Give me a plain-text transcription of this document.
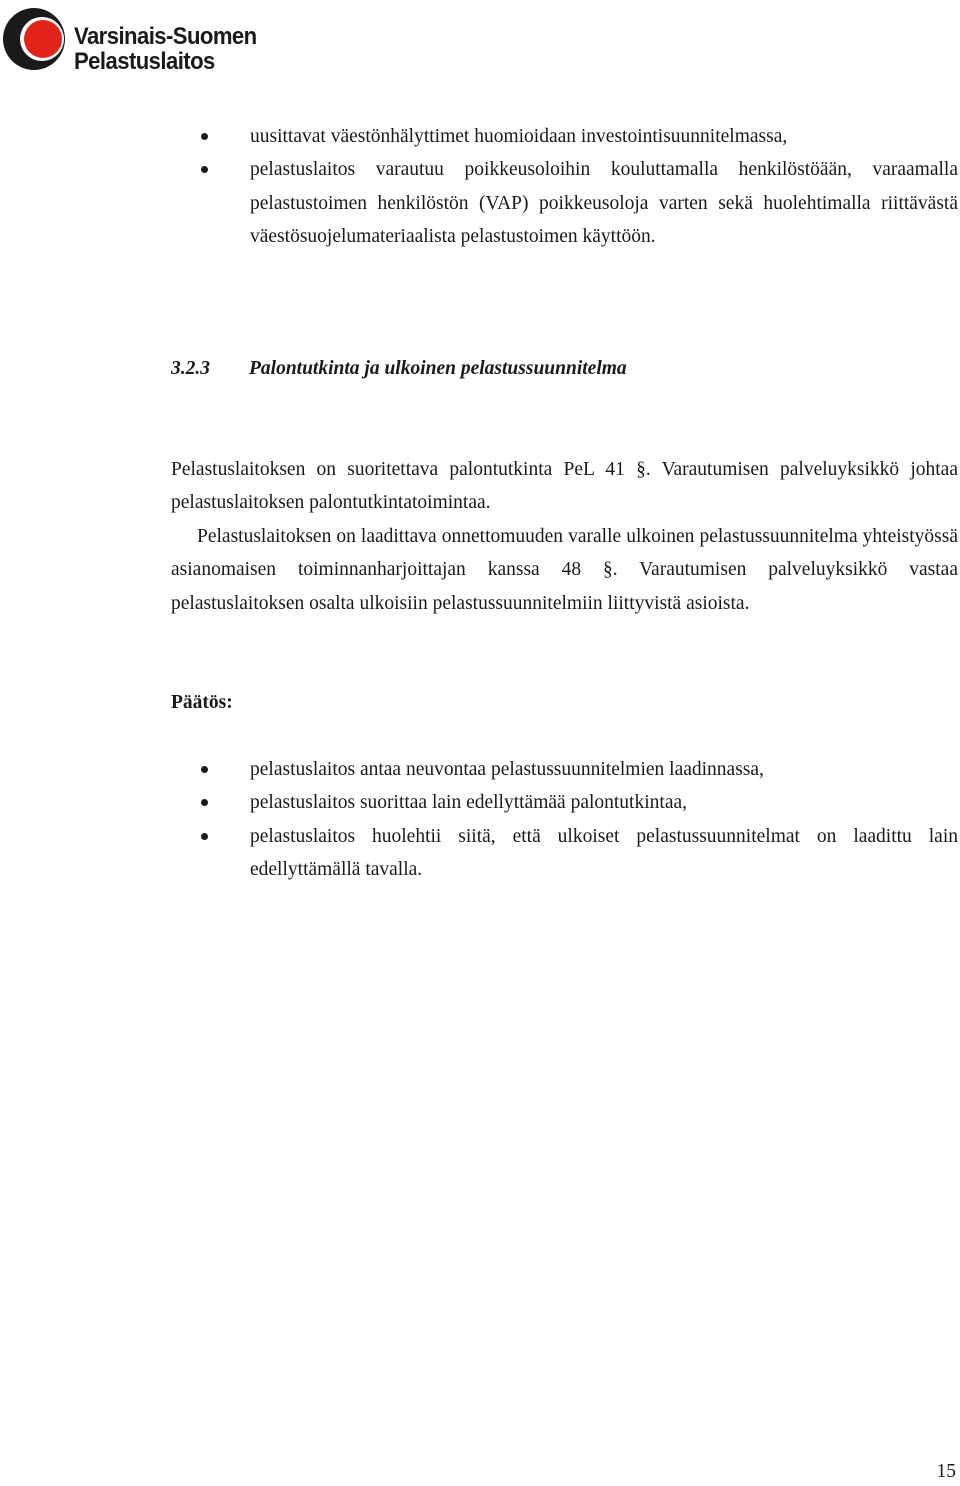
Varsinais-Suomen
Pelastuslaitos
uusittavat väestönhälyttimet huomioidaan investointisuunnitelmassa,
pelastuslaitos varautuu poikkeusoloihin kouluttamalla henkilöstöään, varaamalla pelastustoimen henkilöstön (VAP) poikkeusoloja varten sekä huolehtimalla riittävästä väestösuojelumateriaalista pelastustoimen käyttöön.
3.2.3 Palontutkinta ja ulkoinen pelastussuunnitelma

Pelastuslaitoksen on suoritettava palontutkinta PeL 41 §. Varautumisen palveluyksikkö johtaa pelastuslaitoksen palontutkintatoimintaa.

Pelastuslaitoksen on laadittava onnettomuuden varalle ulkoinen pelastussuunnitelma yhteistyössä asianomaisen toiminnanharjoittajan kanssa 48 §. Varautumisen palveluyksikkö vastaa pelastuslaitoksen osalta ulkoisiin pelastussuunnitelmiin liittyvistä asioista.

Päätös:
pelastuslaitos antaa neuvontaa pelastussuunnitelmien laadinnassa,
pelastuslaitos suorittaa lain edellyttämää palontutkintaa,
pelastuslaitos huolehtii siitä, että ulkoiset pelastussuunnitelmat on laadittu lain edellyttämällä tavalla.
15
